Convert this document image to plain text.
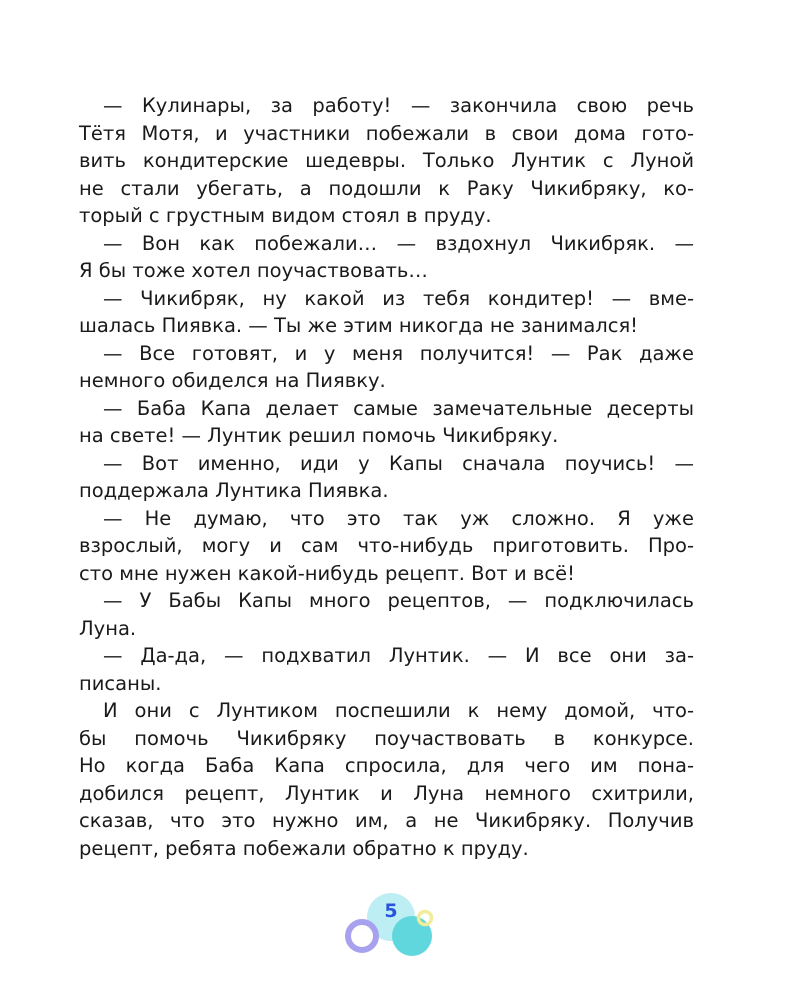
— Кулинары, за работу! — закончила свою речь
Тётя Мотя, и участники побежали в свои дома гото-
вить кондитерские шедевры. Только Лунтик с Луной
не стали убегать, а подошли к Раку Чикибряку, ко-
торый с грустным видом стоял в пруду.
— Вон как побежали… — вздохнул Чикибряк. —
Я бы тоже хотел поучаствовать…
— Чикибряк, ну какой из тебя кондитер! — вме-
шалась Пиявка. — Ты же этим никогда не занимался!
— Все готовят, и у меня получится! — Рак даже
немного обиделся на Пиявку.
— Баба Капа делает самые замечательные десерты
на свете! — Лунтик решил помочь Чикибряку.
— Вот именно, иди у Капы сначала поучись! —
поддержала Лунтика Пиявка.
— Не думаю, что это так уж сложно. Я уже
взрослый, могу и сам что-нибудь приготовить. Про-
сто мне нужен какой-нибудь рецепт. Вот и всё!
— У Бабы Капы много рецептов, — подключилась
Луна.
— Да-да, — подхватил Лунтик. — И все они за-
писаны.
И они с Лунтиком поспешили к нему домой, что-
бы помочь Чикибряку поучаствовать в конкурсе.
Но когда Баба Капа спросила, для чего им пона-
добился рецепт, Лунтик и Луна немного схитрили,
сказав, что это нужно им, а не Чикибряку. Получив
рецепт, ребята побежали обратно к пруду.
5
